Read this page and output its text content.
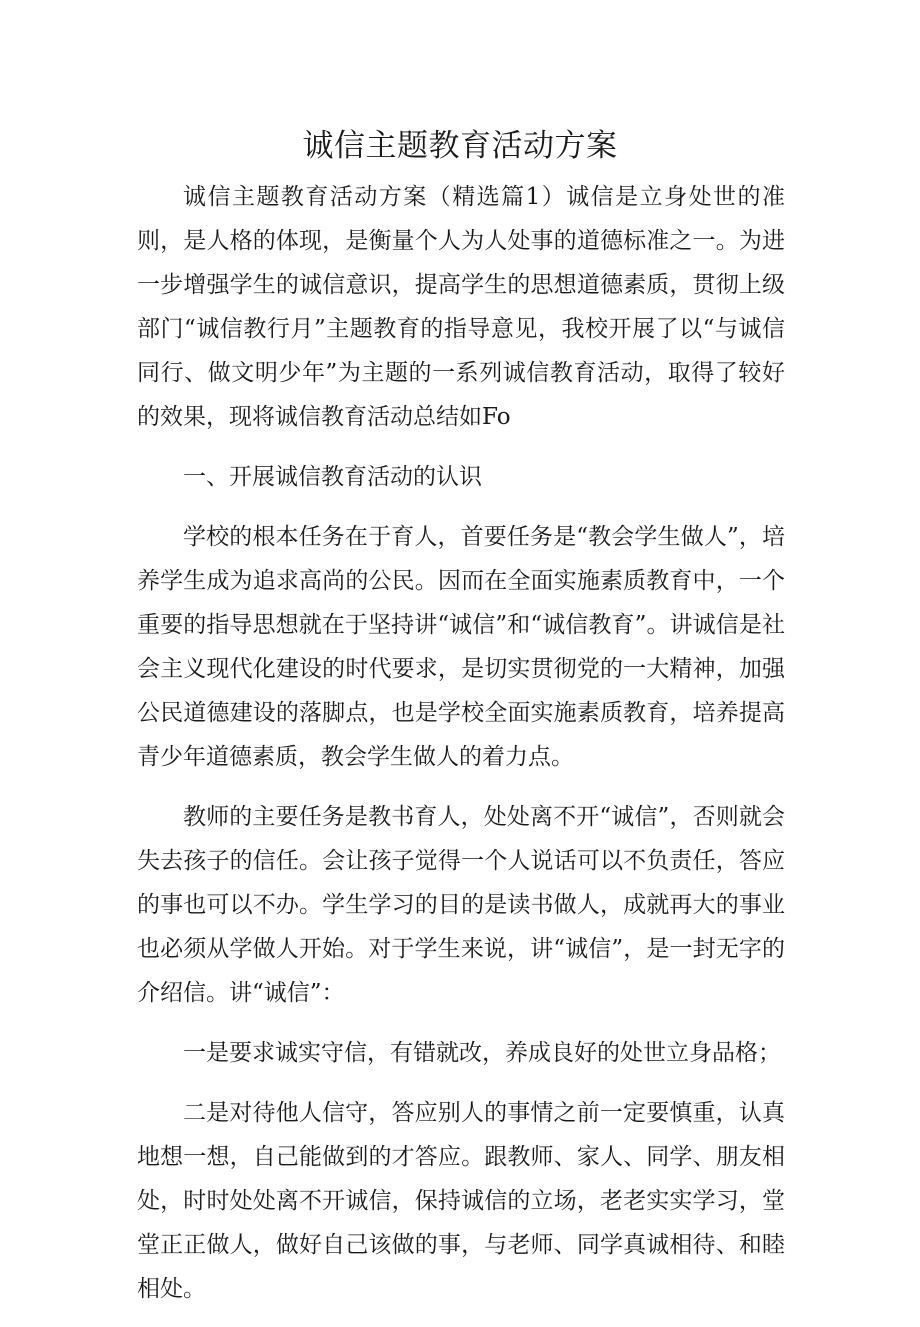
诚信主题教育活动方案

诚信主题教育活动方案（精选篇1）诚信是立身处世的准则，是人格的体现，是衡量个人为人处事的道德标准之一。为进一步增强学生的诚信意识，提高学生的思想道德素质，贯彻上级部门“诚信教行月”主题教育的指导意见，我校开展了以“与诚信同行、做文明少年”为主题的一系列诚信教育活动，取得了较好的效果，现将诚信教育活动总结如Fo

一、开展诚信教育活动的认识

学校的根本任务在于育人，首要任务是“教会学生做人”，培养学生成为追求高尚的公民。因而在全面实施素质教育中，一个重要的指导思想就在于坚持讲“诚信”和“诚信教育”。讲诚信是社会主义现代化建设的时代要求，是切实贯彻党的一大精神，加强公民道德建设的落脚点，也是学校全面实施素质教育，培养提高青少年道德素质，教会学生做人的着力点。

教师的主要任务是教书育人，处处离不开“诚信”，否则就会失去孩子的信任。会让孩子觉得一个人说话可以不负责任，答应的事也可以不办。学生学习的目的是读书做人，成就再大的事业也必须从学做人开始。对于学生来说，讲“诚信”，是一封无字的介绍信。讲“诚信”：

一是要求诚实守信，有错就改，养成良好的处世立身品格；

二是对待他人信守，答应别人的事情之前一定要慎重，认真地想一想，自己能做到的才答应。跟教师、家人、同学、朋友相处，时时处处离不开诚信，保持诚信的立场，老老实实学习，堂堂正正做人，做好自己该做的事，与老师、同学真诚相待、和睦相处。
